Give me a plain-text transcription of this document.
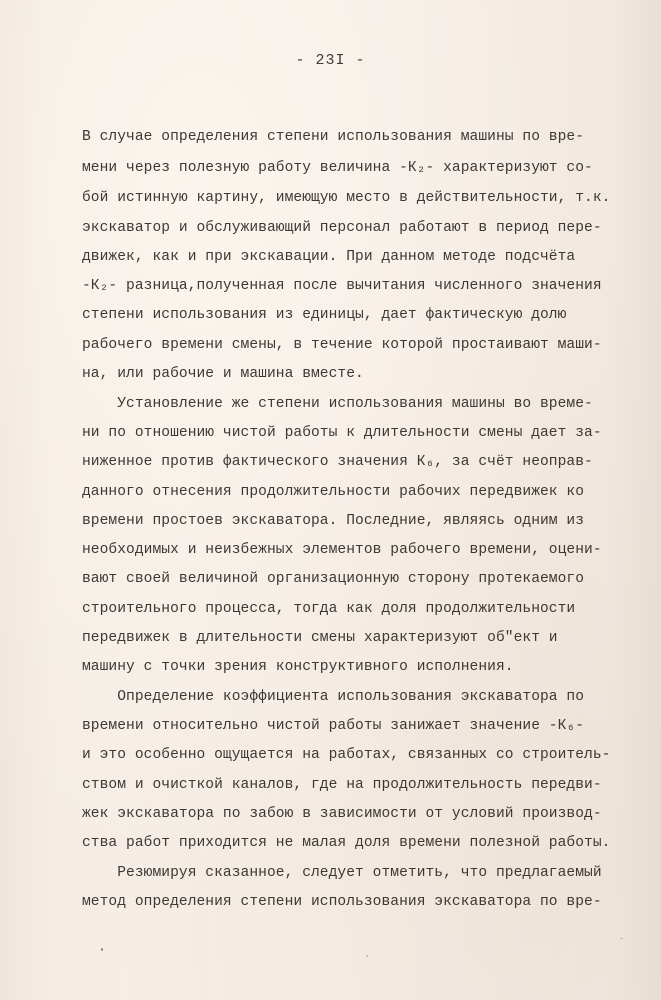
- 23I -
В случае определения степени использования машины по вре-
мени через полезную работу величина -К₂- характеризуют со-
бой истинную картину, имеющую место в действительности, т.к.
экскаватор и обслуживающий персонал работают в период пере-
движек, как и при экскавации. При данном методе подсчёта
-К₂- разница,полученная после вычитания численного значения
степени использования из единицы, дает фактическую долю
рабочего времени смены, в течение которой простаивают маши-
на, или рабочие и машина вместе.
Установление же степени использования машины во време-
ни по отношению чистой работы к длительности смены дает за-
ниженное против фактического значения К₆, за счёт неоправ-
данного отнесения продолжительности рабочих передвижек ко
времени простоев экскаватора. Последние, являясь одним из
необходимых и неизбежных элементов рабочего времени, оцени-
вают своей величиной организационную сторону протекаемого
строительного процесса, тогда как доля продолжительности
передвижек в длительности смены характеризуют об"ект и
машину с точки зрения конструктивного исполнения.
Определение коэффициента использования экскаватора по
времени относительно чистой работы занижает значение -К₆-
и это особенно ощущается на работах, связанных со строитель-
ством и очисткой каналов, где на продолжительность передви-
жек экскаватора по забою в зависимости от условий производ-
ства работ приходится не малая доля времени полезной работы.
Резюмируя сказанное, следует отметить, что предлагаемый
метод определения степени использования экскаватора по вре-
